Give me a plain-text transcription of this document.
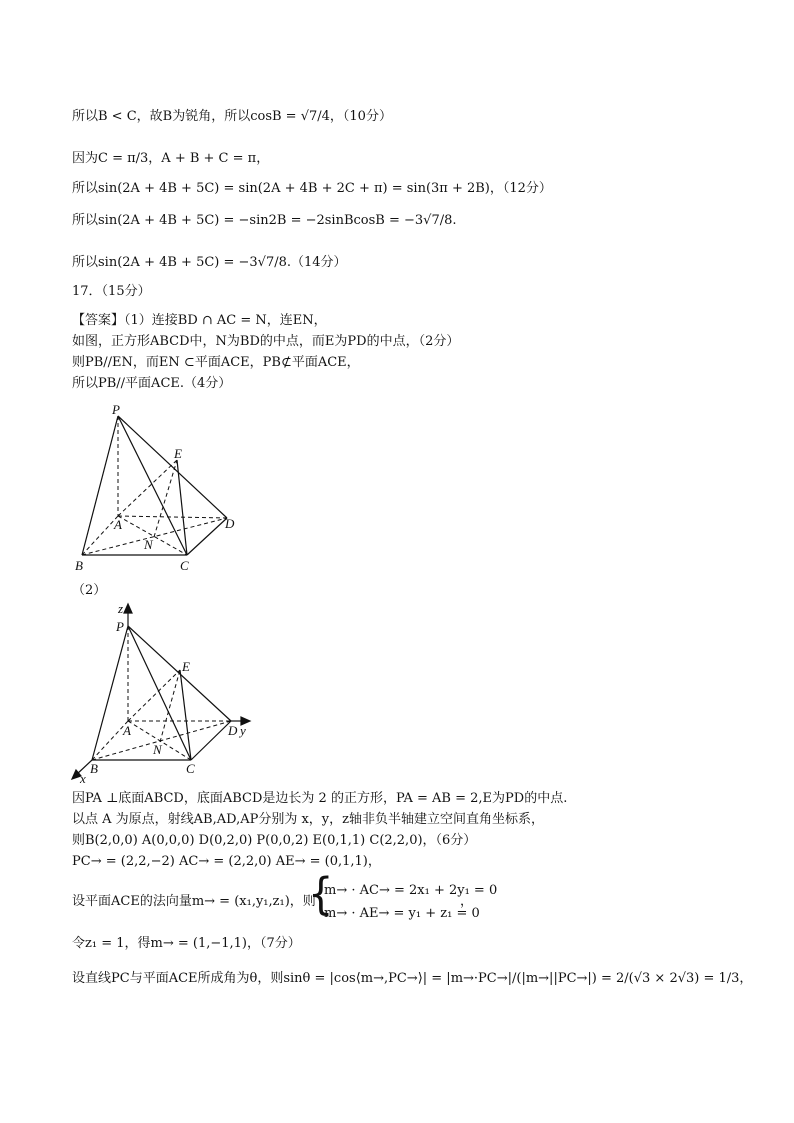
所以B < C，故B为锐角，所以cosB = √7/4，（10分）
因为C = π/3，A + B + C = π，
所以sin(2A + 4B + 5C) = sin(2A + 4B + 2C + π) = sin(3π + 2B)，（12分）
所以sin(2A + 4B + 5C) = −sin2B = −2sinBcosB = −3√7/8.
所以sin(2A + 4B + 5C) = −3√7/8.（14分）
17．（15分）
【答案】（1）连接BD ∩ AC = N，连EN，
如图，正方形ABCD中，N为BD的中点，而E为PD的中点，（2分）
则PB//EN，而EN ⊂平面ACE，PB⊄平面ACE，
所以PB//平面ACE.（4分）
P
E
A	D
N
B	C
（2）
z
P
E
A	D y
N
B	C
x
因PA ⊥底面ABCD，底面ABCD是边长为 2 的正方形，PA = AB = 2,E为PD的中点.
以点 A 为原点，射线AB,AD,AP分别为 x，y，z轴非负半轴建立空间直角坐标系，
则B(2,0,0) A(0,0,0) D(0,2,0) P(0,0,2) E(0,1,1) C(2,2,0)，（6分）
PC→ = (2,2,−2) AC→ = (2,2,0) AE→ = (0,1,1)，
设平面ACE的法向量m→ = (x₁,y₁,z₁)，则
{
m→ · AC→ = 2x₁ + 2y₁ = 0
m→ · AE→ = y₁ + z₁ = 0
，
令z₁ = 1，得m→ = (1,−1,1)，（7分）
设直线PC与平面ACE所成角为θ，则sinθ = |cos⟨m→,PC→⟩| = |m→·PC→|/(|m→||PC→|) = 2/(√3 × 2√3) = 1/3，
